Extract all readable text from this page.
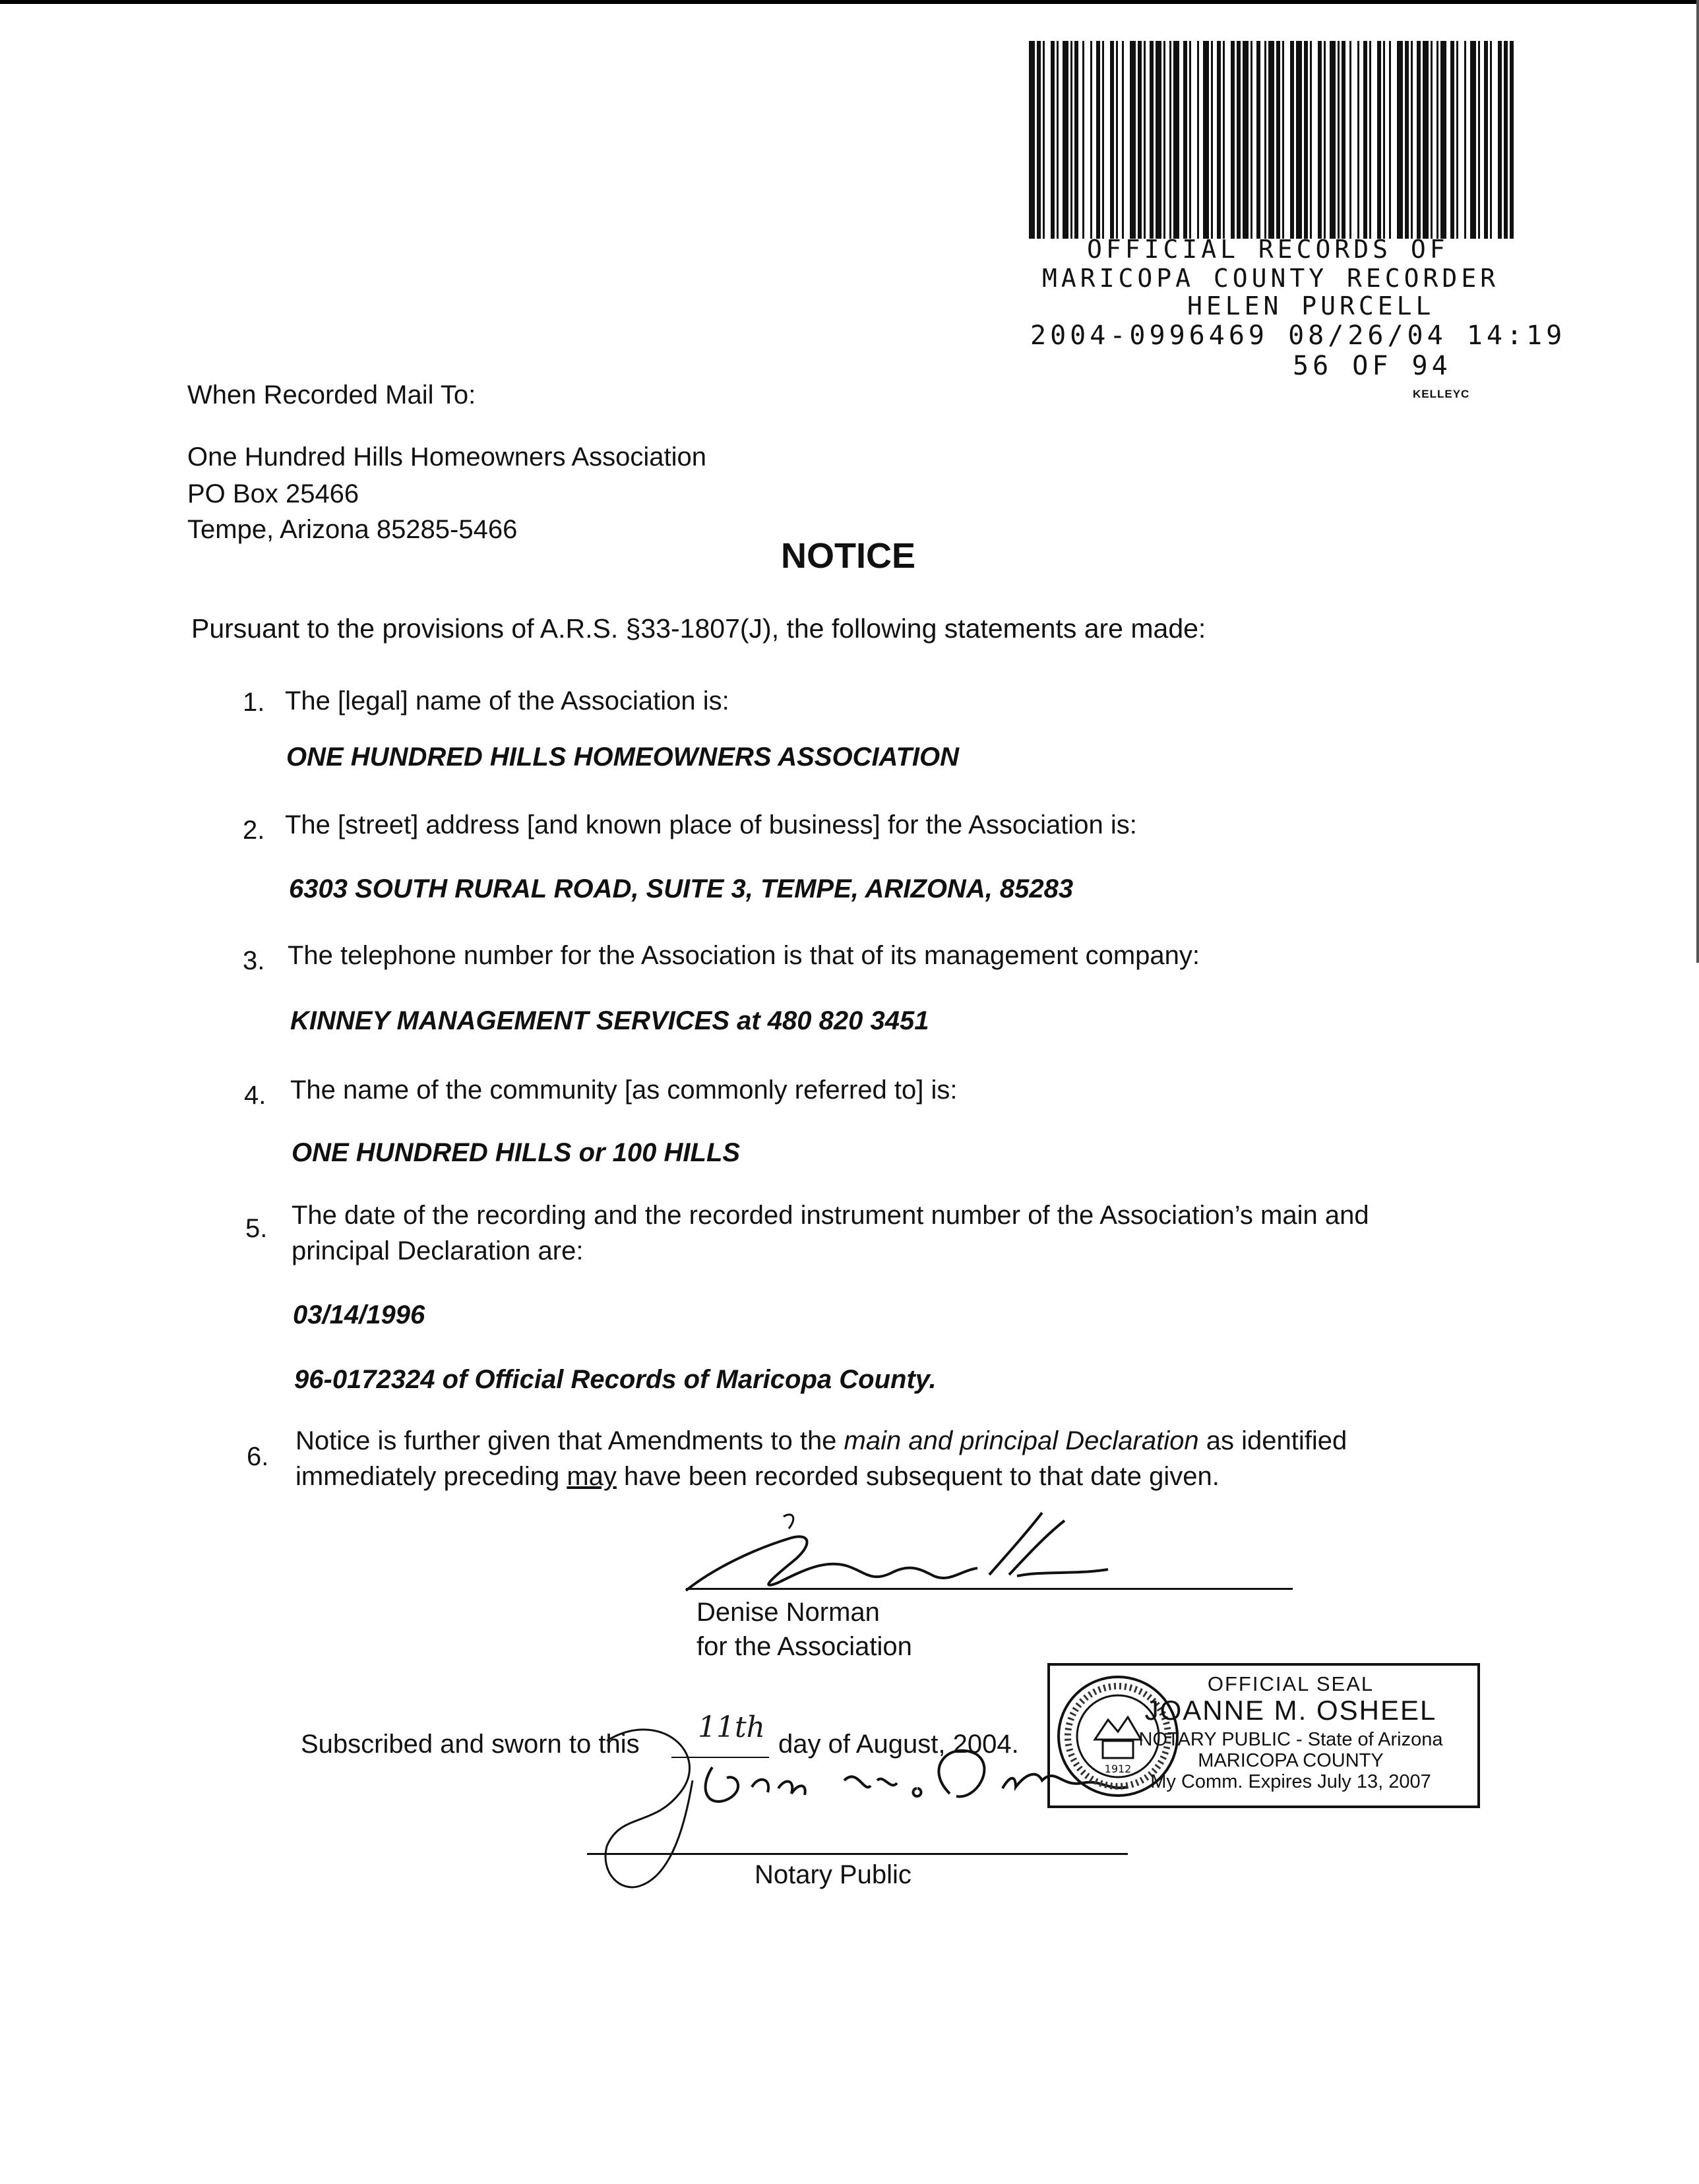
OFFICIAL RECORDS OF
MARICOPA COUNTY RECORDER
HELEN PURCELL
2004-0996469 08/26/04 14:19
56 OF 94
KELLEYC
When Recorded Mail To:
One Hundred Hills Homeowners Association
PO Box 25466
Tempe, Arizona 85285-5466
NOTICE
Pursuant to the provisions of A.R.S. §33-1807(J), the following statements are made:
1. The [legal] name of the Association is:
ONE HUNDRED HILLS HOMEOWNERS ASSOCIATION
2. The [street] address [and known place of business] for the Association is:
6303 SOUTH RURAL ROAD, SUITE 3, TEMPE, ARIZONA, 85283
3. The telephone number for the Association is that of its management company:
KINNEY MANAGEMENT SERVICES at 480 820 3451
4. The name of the community [as commonly referred to] is:
ONE HUNDRED HILLS or 100 HILLS
5. The date of the recording and the recorded instrument number of the Association’s main and
principal Declaration are:
03/14/1996
96-0172324 of Official Records of Maricopa County.
6.
Notice is further given that Amendments to the main and principal Declaration as identified
immediately preceding may have been recorded subsequent to that date given.
Denise Norman
for the Association
Subscribed and sworn to this 11th day of August, 2004.
Notary Public
1912
OFFICIAL SEAL
JOANNE M. OSHEEL
NOTARY PUBLIC - State of Arizona
MARICOPA COUNTY
My Comm. Expires July 13, 2007
